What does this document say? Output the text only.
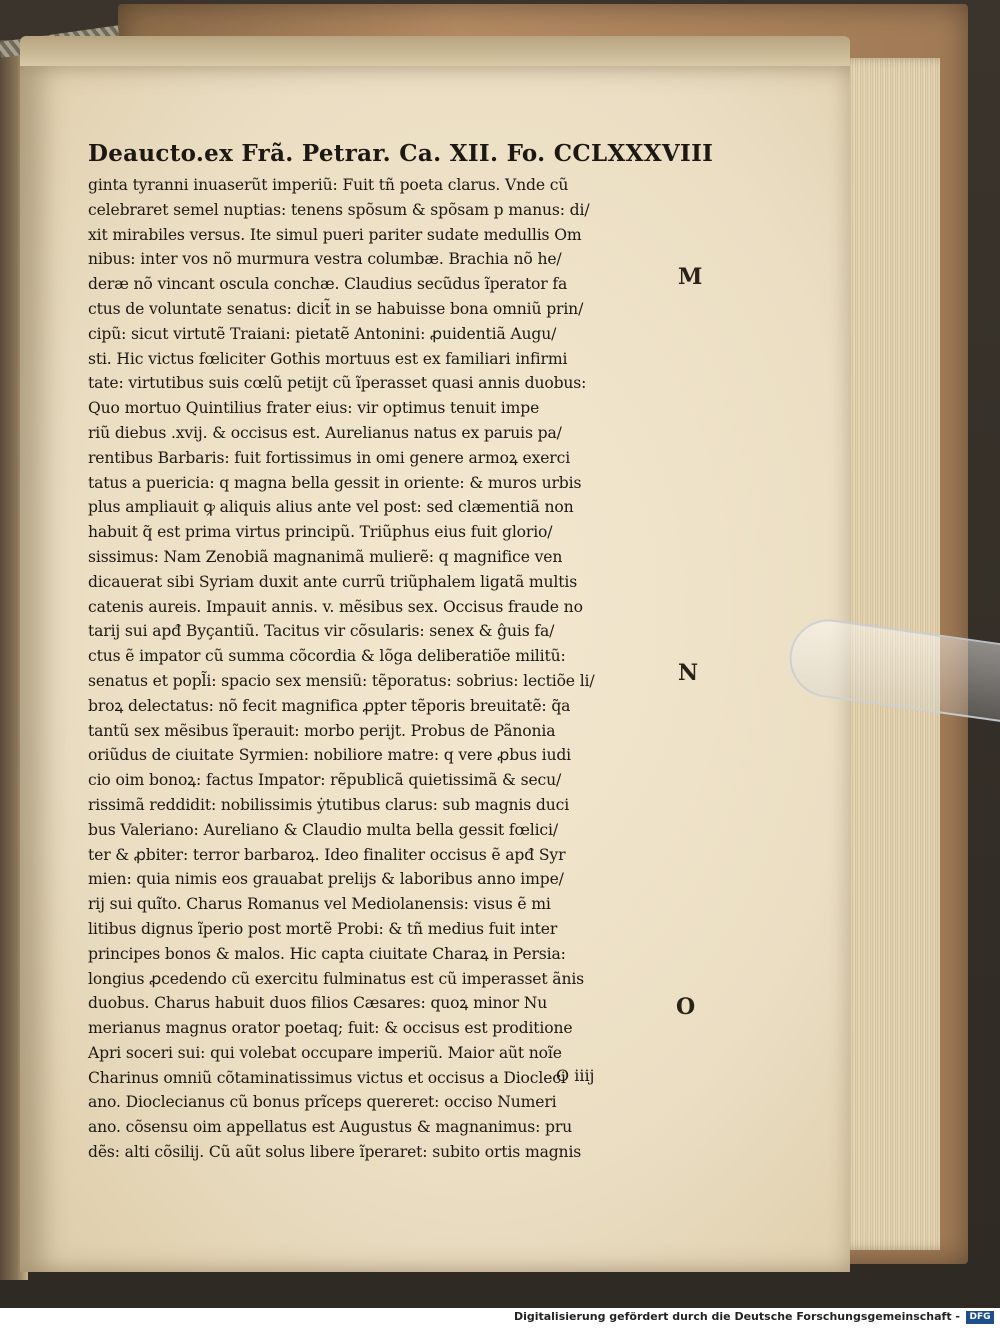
Deaucto.ex Frã. Petrar. Ca. XII. Fo. CCLXXXVIII
ginta tyranni inuaserũt imperiũ: Fuit tñ poeta clarus. Vnde cũ
celebraret semel nuptias: tenens spõsum & spõsam p manus: di/
xit mirabiles versus. Ite simul pueri pariter sudate medullis Om
nibus: inter vos nõ murmura vestra columbæ. Brachia nõ he/
deræ nõ vincant oscula conchæ. Claudius secũdus ĩperator fa
ctus de voluntate senatus: dicit̃ in se habuisse bona omniũ prin/
cipũ: sicut virtutẽ Traiani: pietatẽ Antonini: ꝓuidentiã Augu/
sti. Hic victus fœliciter Gothis mortuus est ex familiari infirmi
tate: virtutibus suis cœlũ petijt cũ ĩperasset quasi annis duobus:
Quo mortuo Quintilius frater eius: vir optimus tenuit impe
riũ diebus .xvij. & occisus est. Aurelianus natus ex paruis pa/
rentibus Barbaris: fuit fortissimus in omi genere armoꝝ exerci
tatus a puericia: q magna bella gessit in oriente: & muros urbis
plus ampliauit ꝙ aliquis alius ante vel post: sed clæmentiã non
habuit q̃ est prima virtus principũ. Triũphus eius fuit glorio/
sissimus: Nam Zenobiã magnanimã mulierẽ: q magnifice ven
dicauerat sibi Syriam duxit ante currũ triũphalem ligatã multis
catenis aureis. Impauit annis. v. mẽsibus sex. Occisus fraude no
tarij sui apđ Byçantiũ. Tacitus vir cõsularis: senex & ĝuis fa/
ctus ẽ impator cũ summa cõcordia & lõga deliberatiõe militũ:
senatus et popl̃i: spacio sex mensiũ: tẽporatus: sobrius: lectiõe li/
broꝝ delectatus: nõ fecit magnifica ꝓpter tẽporis breuitatẽ: q̃a
tantũ sex mẽsibus ĩperauit: morbo perijt. Probus de Pãnonia
oriũdus de ciuitate Syrmien: nobiliore matre: q vere ꝓbus iudi
cio oim bonoꝝ: factus Impator: rẽpublicã quietissimã & secu/
rissimã reddidit: nobilissimis ẏtutibus clarus: sub magnis duci
bus Valeriano: Aureliano & Claudio multa bella gessit fœlici/
ter & ꝓbiter: terror barbaroꝝ. Ideo finaliter occisus ẽ apđ Syr
mien: quia nimis eos grauabat prelijs & laboribus anno impe/
rij sui quĩto. Charus Romanus vel Mediolanensis: visus ẽ mi
litibus dignus ĩperio post mortẽ Probi: & tñ medius fuit inter
principes bonos & malos. Hic capta ciuitate Charaꝝ in Persia:
longius ꝓcedendo cũ exercitu fulminatus est cũ imperasset ãnis
duobus. Charus habuit duos filios Cæsares: quoꝝ minor Nu
merianus magnus orator poetaq; fuit: & occisus est proditione
Apri soceri sui: qui volebat occupare imperiũ. Maior aũt noĩe
Charinus omniũ cõtaminatissimus victus et occisus a Diocleci
ano. Dioclecianus cũ bonus prĩceps quereret: occiso Numeri
ano. cõsensu oim appellatus est Augustus & magnanimus: pru
dẽs: alti cõsilij. Cũ aũt solus libere ĩperaret: subito ortis magnis
O iiij
M
N
O
Digitalisierung gefördert durch die Deutsche Forschungsgemeinschaft -	DFG
